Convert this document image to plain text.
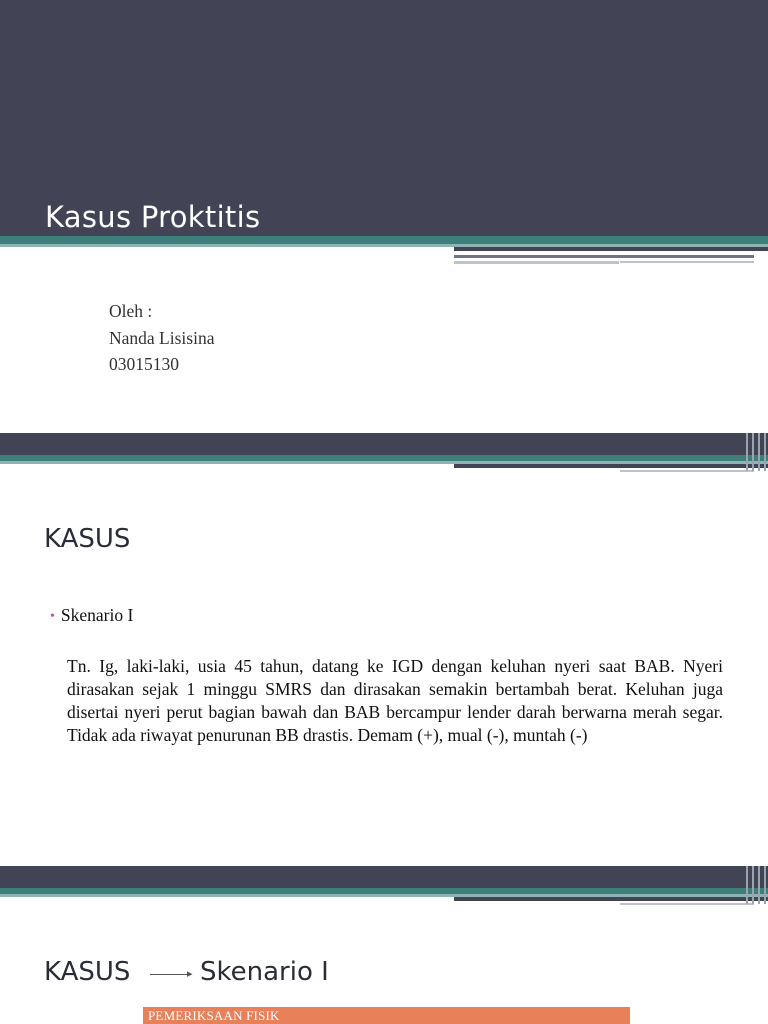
Kasus Proktitis
Oleh :
Nanda Lisisina
03015130
KASUS
• Skenario I
Tn. Ig, laki-laki, usia 45 tahun, datang ke IGD dengan keluhan nyeri saat BAB. Nyeri dirasakan sejak 1 minggu SMRS dan dirasakan semakin bertambah berat. Keluhan juga disertai nyeri perut bagian bawah dan BAB bercampur lender darah berwarna merah segar. Tidak ada riwayat penurunan BB drastis. Demam (+), mual (-), muntah (-)
KASUS	▸ Skenario I
PEMERIKSAAN FISIK
